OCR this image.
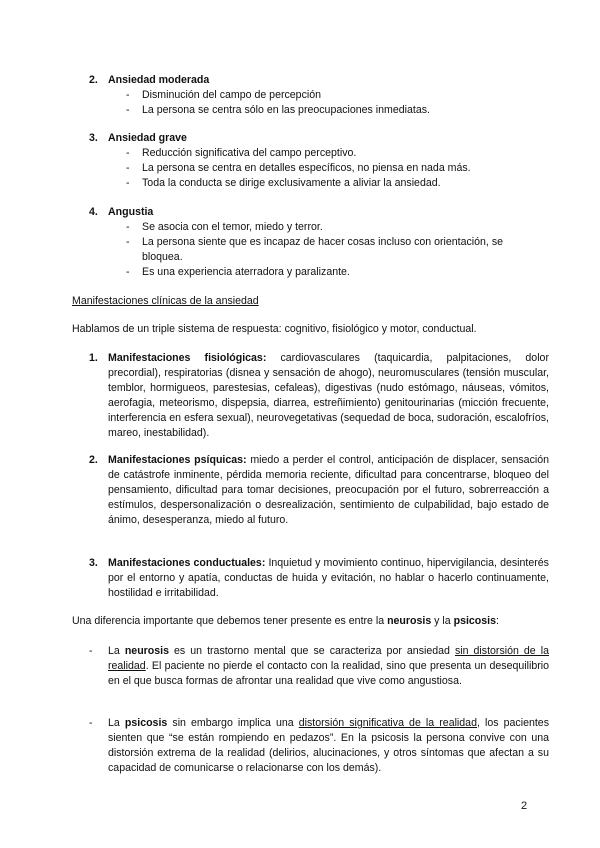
2. Ansiedad moderada
- Disminución del campo de percepción
- La persona se centra sólo en las preocupaciones inmediatas.
3. Ansiedad grave
- Reducción significativa del campo perceptivo.
- La persona se centra en detalles específicos, no piensa en nada más.
- Toda la conducta se dirige exclusivamente a aliviar la ansiedad.
4. Angustia
- Se asocia con el temor, miedo y terror.
- La persona siente que es incapaz de hacer cosas incluso con orientación, se bloquea.
- Es una experiencia aterradora y paralizante.
Manifestaciones clínicas de la ansiedad
Hablamos de un triple sistema de respuesta: cognitivo, fisiológico y motor, conductual.
1. Manifestaciones fisiológicas: cardiovasculares (taquicardia, palpitaciones, dolor precordial), respiratorias (disnea y sensación de ahogo), neuromusculares (tensión muscular, temblor, hormigueos, parestesias, cefaleas), digestivas (nudo estómago, náuseas, vómitos, aerofagia, meteorismo, dispepsia, diarrea, estreñimiento) genitourinarias (micción frecuente, interferencia en esfera sexual), neurovegetativas (sequedad de boca, sudoración, escalofríos, mareo, inestabilidad).
2. Manifestaciones psíquicas: miedo a perder el control, anticipación de displacer, sensación de catástrofe inminente, pérdida memoria reciente, dificultad para concentrarse, bloqueo del pensamiento, dificultad para tomar decisiones, preocupación por el futuro, sobrerreacción a estímulos, despersonalización o desrealización, sentimiento de culpabilidad, bajo estado de ánimo, desesperanza, miedo al futuro.
3. Manifestaciones conductuales: Inquietud y movimiento continuo, hipervigilancia, desinterés por el entorno y apatía, conductas de huida y evitación, no hablar o hacerlo continuamente, hostilidad e irritabilidad.
Una diferencia importante que debemos tener presente es entre la neurosis y la psicosis:
- La neurosis es un trastorno mental que se caracteriza por ansiedad sin distorsión de la realidad. El paciente no pierde el contacto con la realidad, sino que presenta un desequilibrio en el que busca formas de afrontar una realidad que vive como angustiosa.
- La psicosis sin embargo implica una distorsión significativa de la realidad, los pacientes sienten que “se están rompiendo en pedazos”. En la psicosis la persona convive con una distorsión extrema de la realidad (delirios, alucinaciones, y otros síntomas que afectan a su capacidad de comunicarse o relacionarse con los demás).
2
